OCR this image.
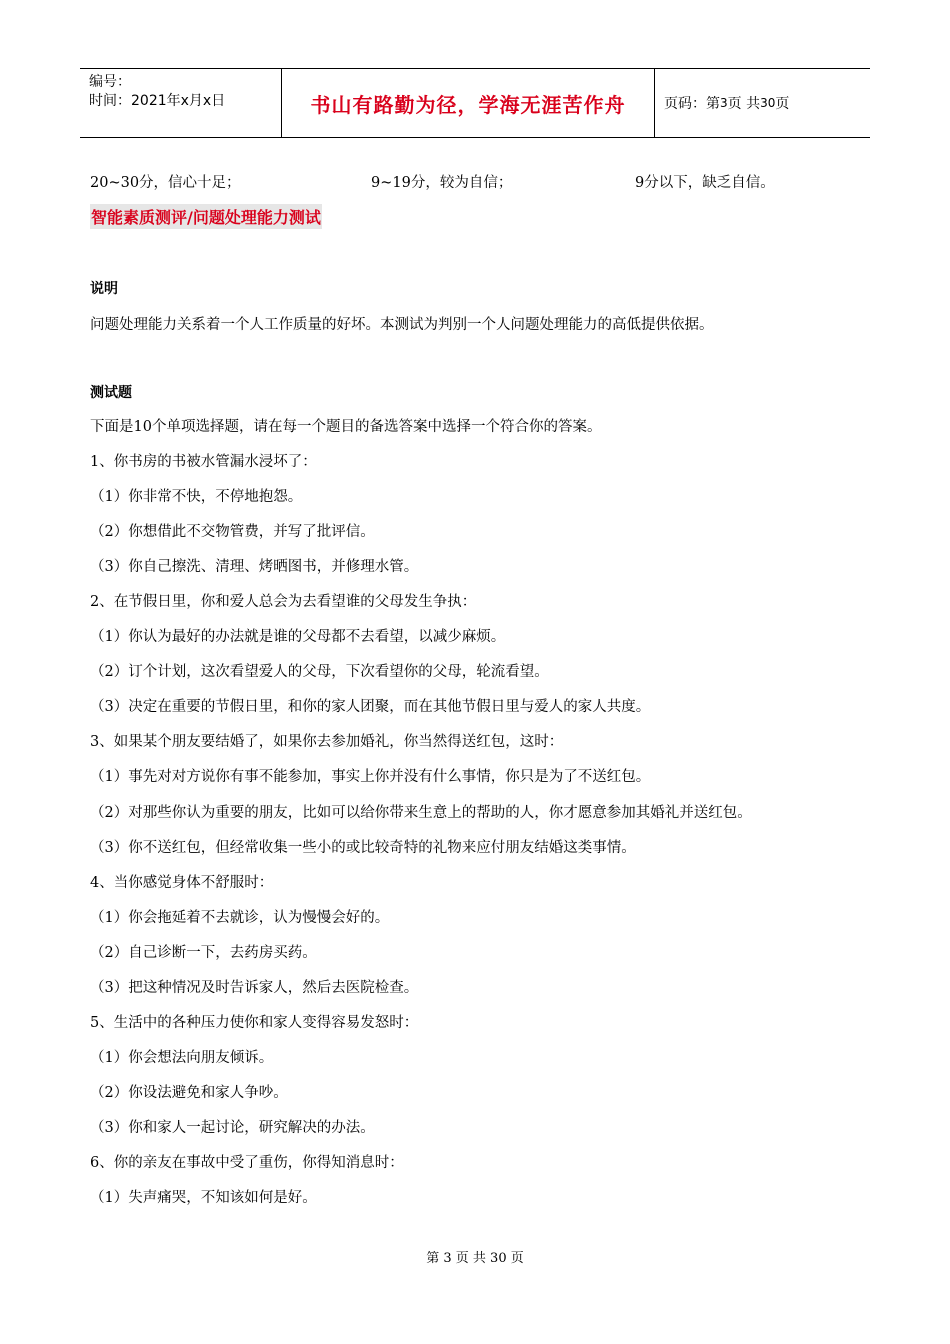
编号：
时间：2021年x月x日	书山有路勤为径，学海无涯苦作舟	页码：第 3 页 共 30 页
20~30分，信心十足；	9~19分，较为自信；	9分以下，缺乏自信。
智能素质测评/问题处理能力测试
说明
问题处理能力关系着一个人工作质量的好坏。本测试为判别一个人问题处理能力的高低提供依据。
测试题
下面是10个单项选择题，请在每一个题目的备选答案中选择一个符合你的答案。
1、你书房的书被水管漏水浸坏了：
（1）你非常不快，不停地抱怨。
（2）你想借此不交物管费，并写了批评信。
（3）你自己擦洗、清理、烤晒图书，并修理水管。
2、在节假日里，你和爱人总会为去看望谁的父母发生争执：
（1）你认为最好的办法就是谁的父母都不去看望，以减少麻烦。
（2）订个计划，这次看望爱人的父母，下次看望你的父母，轮流看望。
（3）决定在重要的节假日里，和你的家人团聚，而在其他节假日里与爱人的家人共度。
3、如果某个朋友要结婚了，如果你去参加婚礼，你当然得送红包，这时：
（1）事先对对方说你有事不能参加，事实上你并没有什么事情，你只是为了不送红包。
（2）对那些你认为重要的朋友，比如可以给你带来生意上的帮助的人，你才愿意参加其婚礼并送红包。
（3）你不送红包，但经常收集一些小的或比较奇特的礼物来应付朋友结婚这类事情。
4、当你感觉身体不舒服时：
（1）你会拖延着不去就诊，认为慢慢会好的。
（2）自己诊断一下，去药房买药。
（3）把这种情况及时告诉家人，然后去医院检查。
5、生活中的各种压力使你和家人变得容易发怒时：
（1）你会想法向朋友倾诉。
（2）你设法避免和家人争吵。
（3）你和家人一起讨论，研究解决的办法。
6、你的亲友在事故中受了重伤，你得知消息时：
（1）失声痛哭，不知该如何是好。
第 3 页 共 30 页
